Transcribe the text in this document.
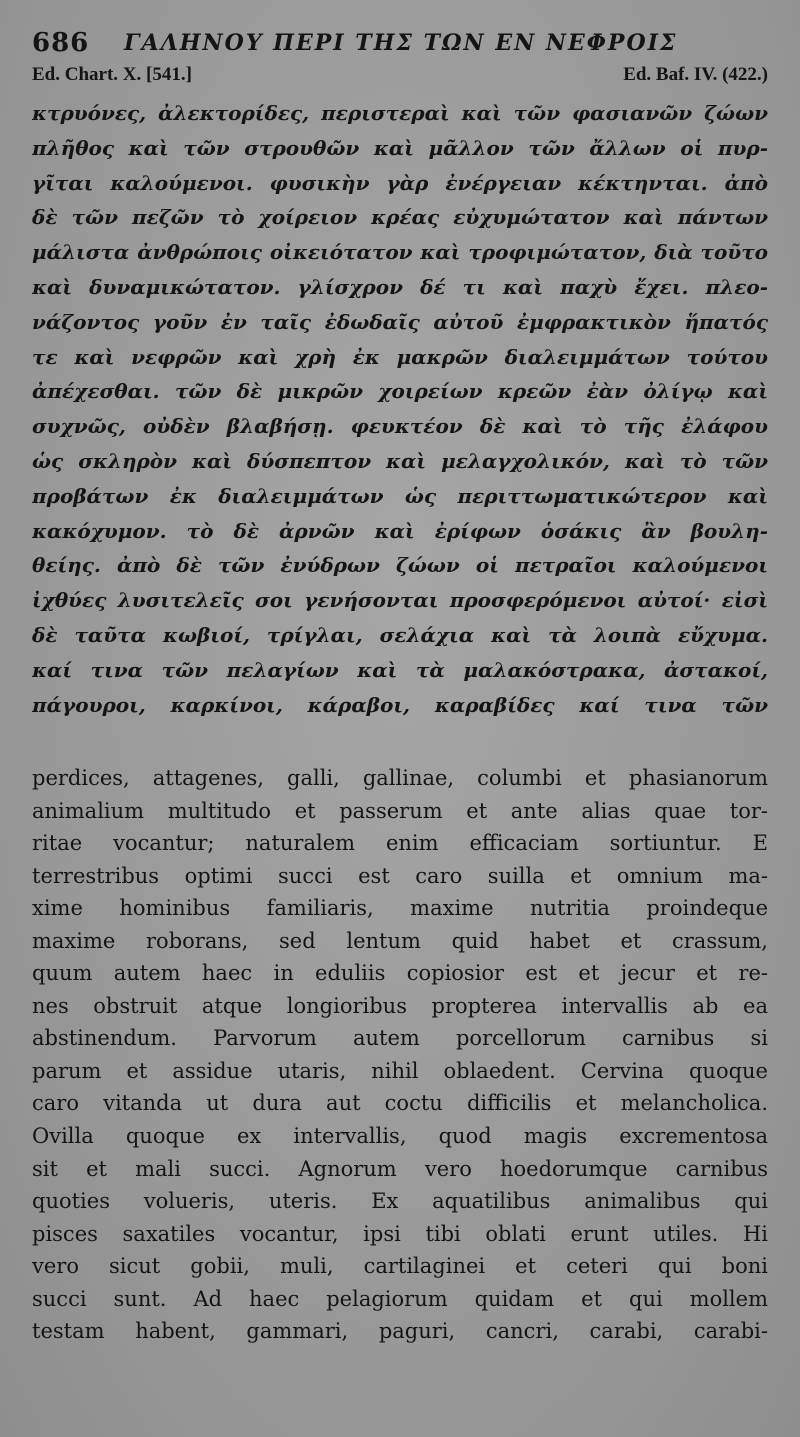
686 ΓΑΛΗΝΟΥ ΠΕΡΙ ΤΗΣ ΤΩΝ ΕΝ ΝΕΦΡΟΙΣ
Ed. Chart. X. [541.]	Ed. Baf. IV. (422.)
κτρυόνες, ἀλεκτορίδες, περιστεραὶ καὶ τῶν φασιανῶν ζώων
πλῆθος καὶ τῶν στρουθῶν καὶ μᾶλλον τῶν ἄλλων οἱ πυρ-
γῖται καλούμενοι. φυσικὴν γὰρ ἐνέργειαν κέκτηνται. ἀπὸ
δὲ τῶν πεζῶν τὸ χοίρειον κρέας εὐχυμώτατον καὶ πάντων
μάλιστα ἀνθρώποις οἰκειότατον καὶ τροφιμώτατον, διὰ τοῦτο
καὶ δυναμικώτατον. γλίσχρον δέ τι καὶ παχὺ ἔχει. πλεο-
νάζοντος γοῦν ἐν ταῖς ἐδωδαῖς αὐτοῦ ἐμφρακτικὸν ἥπατός
τε καὶ νεφρῶν καὶ χρὴ ἐκ μακρῶν διαλειμμάτων τούτου
ἀπέχεσθαι. τῶν δὲ μικρῶν χοιρείων κρεῶν ἐὰν ὀλίγῳ καὶ
συχνῶς, οὐδὲν βλαβήσῃ. φευκτέον δὲ καὶ τὸ τῆς ἐλάφου
ὡς σκληρὸν καὶ δύσπεπτον καὶ μελαγχολικόν, καὶ τὸ τῶν
προβάτων ἐκ διαλειμμάτων ὡς περιττωματικώτερον καὶ
κακόχυμον. τὸ δὲ ἀρνῶν καὶ ἐρίφων ὁσάκις ἂν βουλη-
θείης. ἀπὸ δὲ τῶν ἐνύδρων ζώων οἱ πετραῖοι καλούμενοι
ἰχθύες λυσιτελεῖς σοι γενήσονται προσφερόμενοι αὐτοί· εἰσὶ
δὲ ταῦτα κωβιοί, τρίγλαι, σελάχια καὶ τὰ λοιπὰ εὔχυμα.
καί τινα τῶν πελαγίων καὶ τὰ μαλακόστρακα, ἀστακοί,
πάγουροι, καρκίνοι, κάραβοι, καραβίδες καί τινα τῶν
perdices, attagenes, galli, gallinae, columbi et phasianorum
animalium multitudo et passerum et ante alias quae tor-
ritae vocantur; naturalem enim efficaciam sortiuntur. E
terrestribus optimi succi est caro suilla et omnium ma-
xime hominibus familiaris, maxime nutritia proindeque
maxime roborans, sed lentum quid habet et crassum,
quum autem haec in eduliis copiosior est et jecur et re-
nes obstruit atque longioribus propterea intervallis ab ea
abstinendum. Parvorum autem porcellorum carnibus si
parum et assidue utaris, nihil oblaedent. Cervina quoque
caro vitanda ut dura aut coctu difficilis et melancholica.
Ovilla quoque ex intervallis, quod magis excrementosa
sit et mali succi. Agnorum vero hoedorumque carnibus
quoties volueris, uteris. Ex aquatilibus animalibus qui
pisces saxatiles vocantur, ipsi tibi oblati erunt utiles. Hi
vero sicut gobii, muli, cartilaginei et ceteri qui boni
succi sunt. Ad haec pelagiorum quidam et qui mollem
testam habent, gammari, paguri, cancri, carabi, carabi-
